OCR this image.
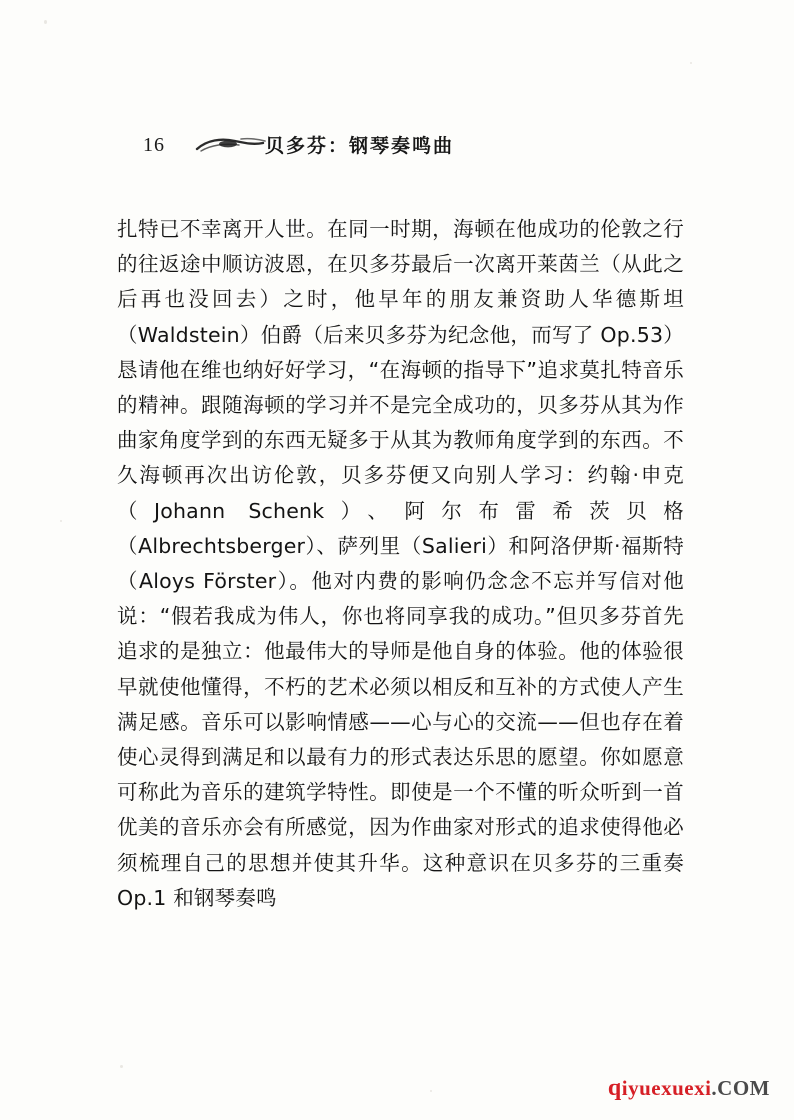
16	贝多芬：钢琴奏鸣曲

扎特已不幸离开人世。在同一时期，海顿在他成功的伦敦之行的往返途中顺访波恩，在贝多芬最后一次离开莱茵兰（从此之后再也没回去）之时，他早年的朋友兼资助人华德斯坦（Waldstein）伯爵（后来贝多芬为纪念他，而写了 Op.53）恳请他在维也纳好好学习，“在海顿的指导下”追求莫扎特音乐的精神。跟随海顿的学习并不是完全成功的，贝多芬从其为作曲家角度学到的东西无疑多于从其为教师角度学到的东西。不久海顿再次出访伦敦，贝多芬便又向别人学习：约翰·申克（Johann Schenk）、阿尔布雷希茨贝格（Albrechtsberger）、萨列里（Salieri）和阿洛伊斯·福斯特（Aloys Förster）。他对内费的影响仍念念不忘并写信对他说：“假若我成为伟人，你也将同享我的成功。”但贝多芬首先追求的是独立：他最伟大的导师是他自身的体验。他的体验很早就使他懂得，不朽的艺术必须以相反和互补的方式使人产生满足感。音乐可以影响情感——心与心的交流——但也存在着使心灵得到满足和以最有力的形式表达乐思的愿望。你如愿意可称此为音乐的建筑学特性。即使是一个不懂的听众听到一首优美的音乐亦会有所感觉，因为作曲家对形式的追求使得他必须梳理自己的思想并使其升华。这种意识在贝多芬的三重奏 Op.1 和钢琴奏鸣

qiyuexuexi.COM
